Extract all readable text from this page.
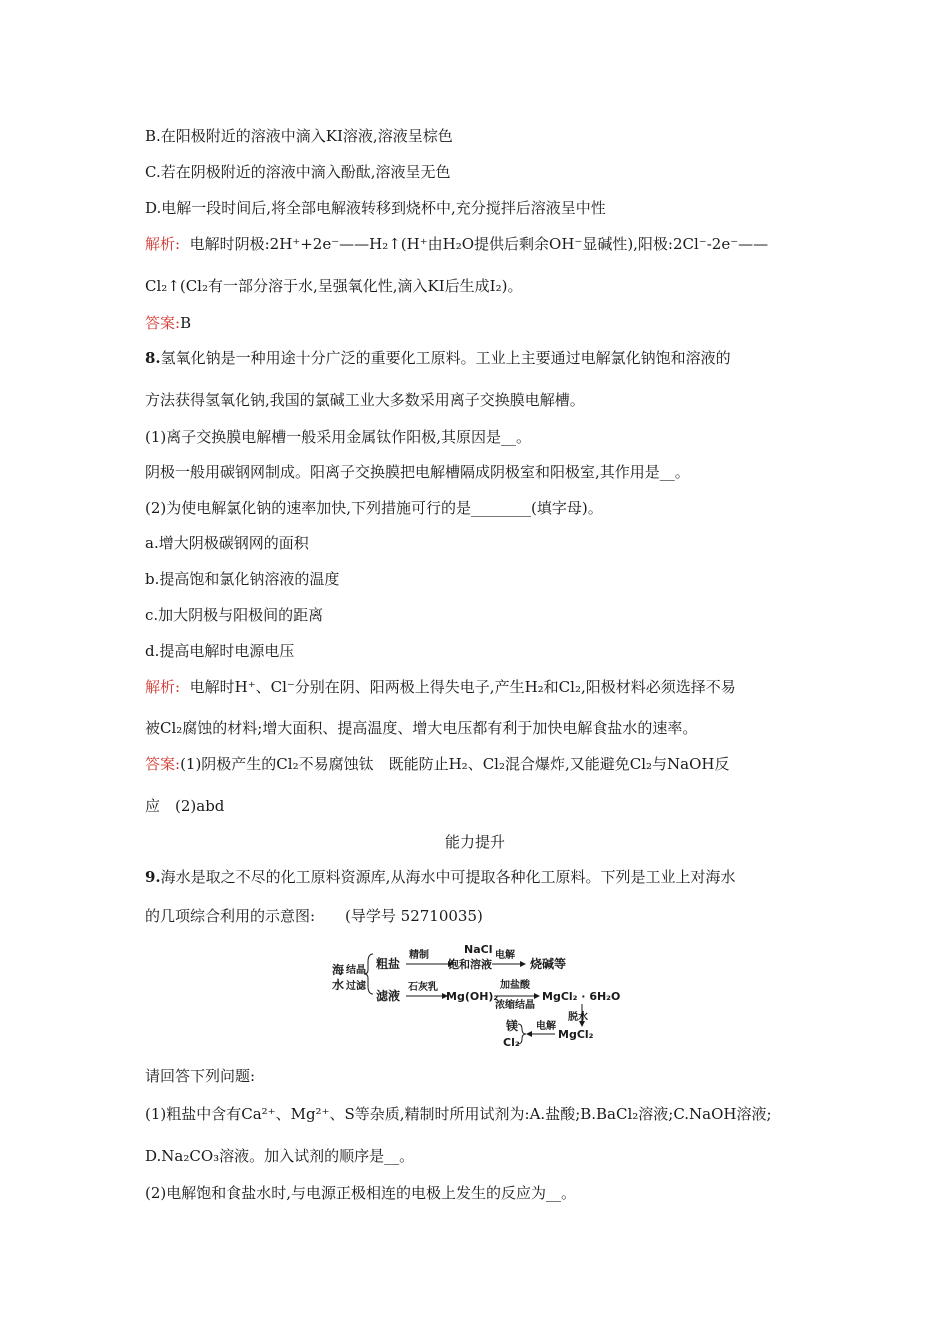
B.在阳极附近的溶液中滴入KI溶液,溶液呈棕色
C.若在阴极附近的溶液中滴入酚酞,溶液呈无色
D.电解一段时间后,将全部电解液转移到烧杯中,充分搅拌后溶液呈中性
解析: 电解时阴极:2H⁺+2e⁻——H₂↑(H⁺由H₂O提供后剩余OH⁻显碱性),阳极:2Cl⁻-2e⁻——
Cl₂↑(Cl₂有一部分溶于水,呈强氧化性,滴入KI后生成I₂)。
答案:B
8.氢氧化钠是一种用途十分广泛的重要化工原料。工业上主要通过电解氯化钠饱和溶液的
方法获得氢氧化钠,我国的氯碱工业大多数采用离子交换膜电解槽。
(1)离子交换膜电解槽一般采用金属钛作阳极,其原因是__。
阴极一般用碳钢网制成。阳离子交换膜把电解槽隔成阴极室和阳极室,其作用是__。
(2)为使电解氯化钠的速率加快,下列措施可行的是________(填字母)。
a.增大阴极碳钢网的面积
b.提高饱和氯化钠溶液的温度
c.加大阴极与阳极间的距离
d.提高电解时电源电压
解析: 电解时H⁺、Cl⁻分别在阴、阳两极上得失电子,产生H₂和Cl₂,阳极材料必须选择不易
被Cl₂腐蚀的材料;增大面积、提高温度、增大电压都有利于加快电解食盐水的速率。
答案:(1)阴极产生的Cl₂不易腐蚀钛　既能防止H₂、Cl₂混合爆炸,又能避免Cl₂与NaOH反
应　(2)abd
能力提升
9.海水是取之不尽的化工原料资源库,从海水中可提取各种化工原料。下列是工业上对海水
的几项综合利用的示意图:　　(导学号 52710035)
海
水
结晶
过滤
粗盐
精制	NaCl
饱和溶液
电解
烧碱等
滤液
石灰乳
Mg(OH)₂
加盐酸
浓缩结晶
MgCl₂ · 6H₂O
脱水
MgCl₂
电解
镁
Cl₂
请回答下列问题:
(1)粗盐中含有Ca²⁺、Mg²⁺、S等杂质,精制时所用试剂为:A.盐酸;B.BaCl₂溶液;C.NaOH溶液;
D.Na₂CO₃溶液。加入试剂的顺序是__。
(2)电解饱和食盐水时,与电源正极相连的电极上发生的反应为__。
